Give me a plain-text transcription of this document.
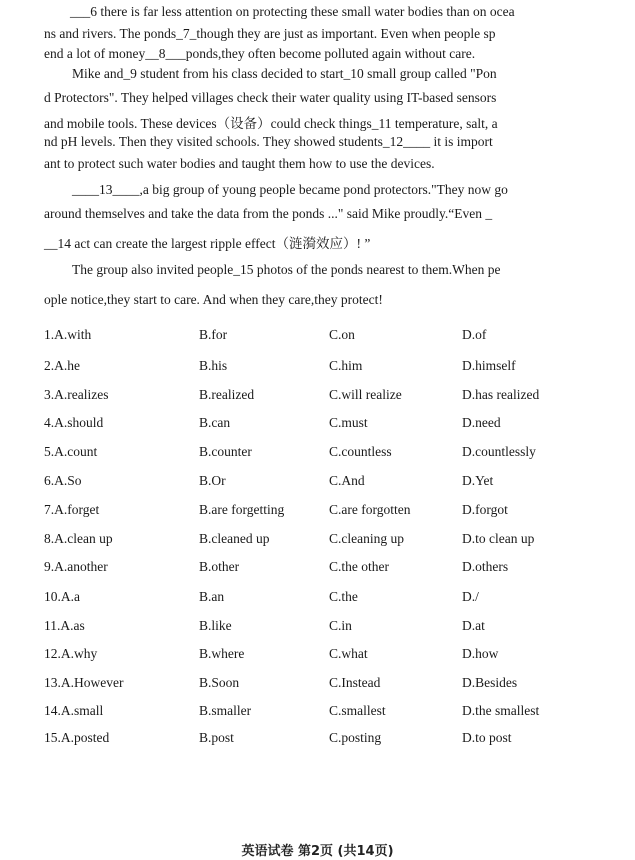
___6 there is far less attention on protecting these small water bodies than on ocea
ns and rivers. The ponds_7_though they are just as important. Even when people sp
end a lot of money__8___ponds,they often become polluted again without care.
Mike and_9 student from his class decided to start_10 small group called "Pon
d Protectors". They helped villages check their water quality using IT-based sensors
and mobile tools. These devices（设备）could check things_11 temperature, salt, a
nd pH levels. Then they visited schools. They showed students_12____ it is import
ant to protect such water bodies and taught them how to use the devices.
____13____,a big group of young people became pond protectors."They now go
around themselves and take the data from the ponds ..." said Mike proudly.“Even _
__14 act can create the largest ripple effect（涟漪效应）! ”
The group also invited people_15 photos of the ponds nearest to them.When pe
ople notice,they start to care. And when they care,they protect!
1.A.with	B.for	C.on	D.of
2.A.he	B.his	C.him	D.himself
3.A.realizes	B.realized	C.will realize	D.has realized
4.A.should	B.can	C.must	D.need
5.A.count	B.counter	C.countless	D.countlessly
6.A.So	B.Or	C.And	D.Yet
7.A.forget	B.are forgetting	C.are forgotten	D.forgot
8.A.clean up	B.cleaned up	C.cleaning up	D.to clean up
9.A.another	B.other	C.the other	D.others
10.A.a	B.an	C.the	D./
11.A.as	B.like	C.in	D.at
12.A.why	B.where	C.what	D.how
13.A.However	B.Soon	C.Instead	D.Besides
14.A.small	B.smaller	C.smallest	D.the smallest
15.A.posted	B.post	C.posting	D.to post
英语试卷 第2页 (共14页)
